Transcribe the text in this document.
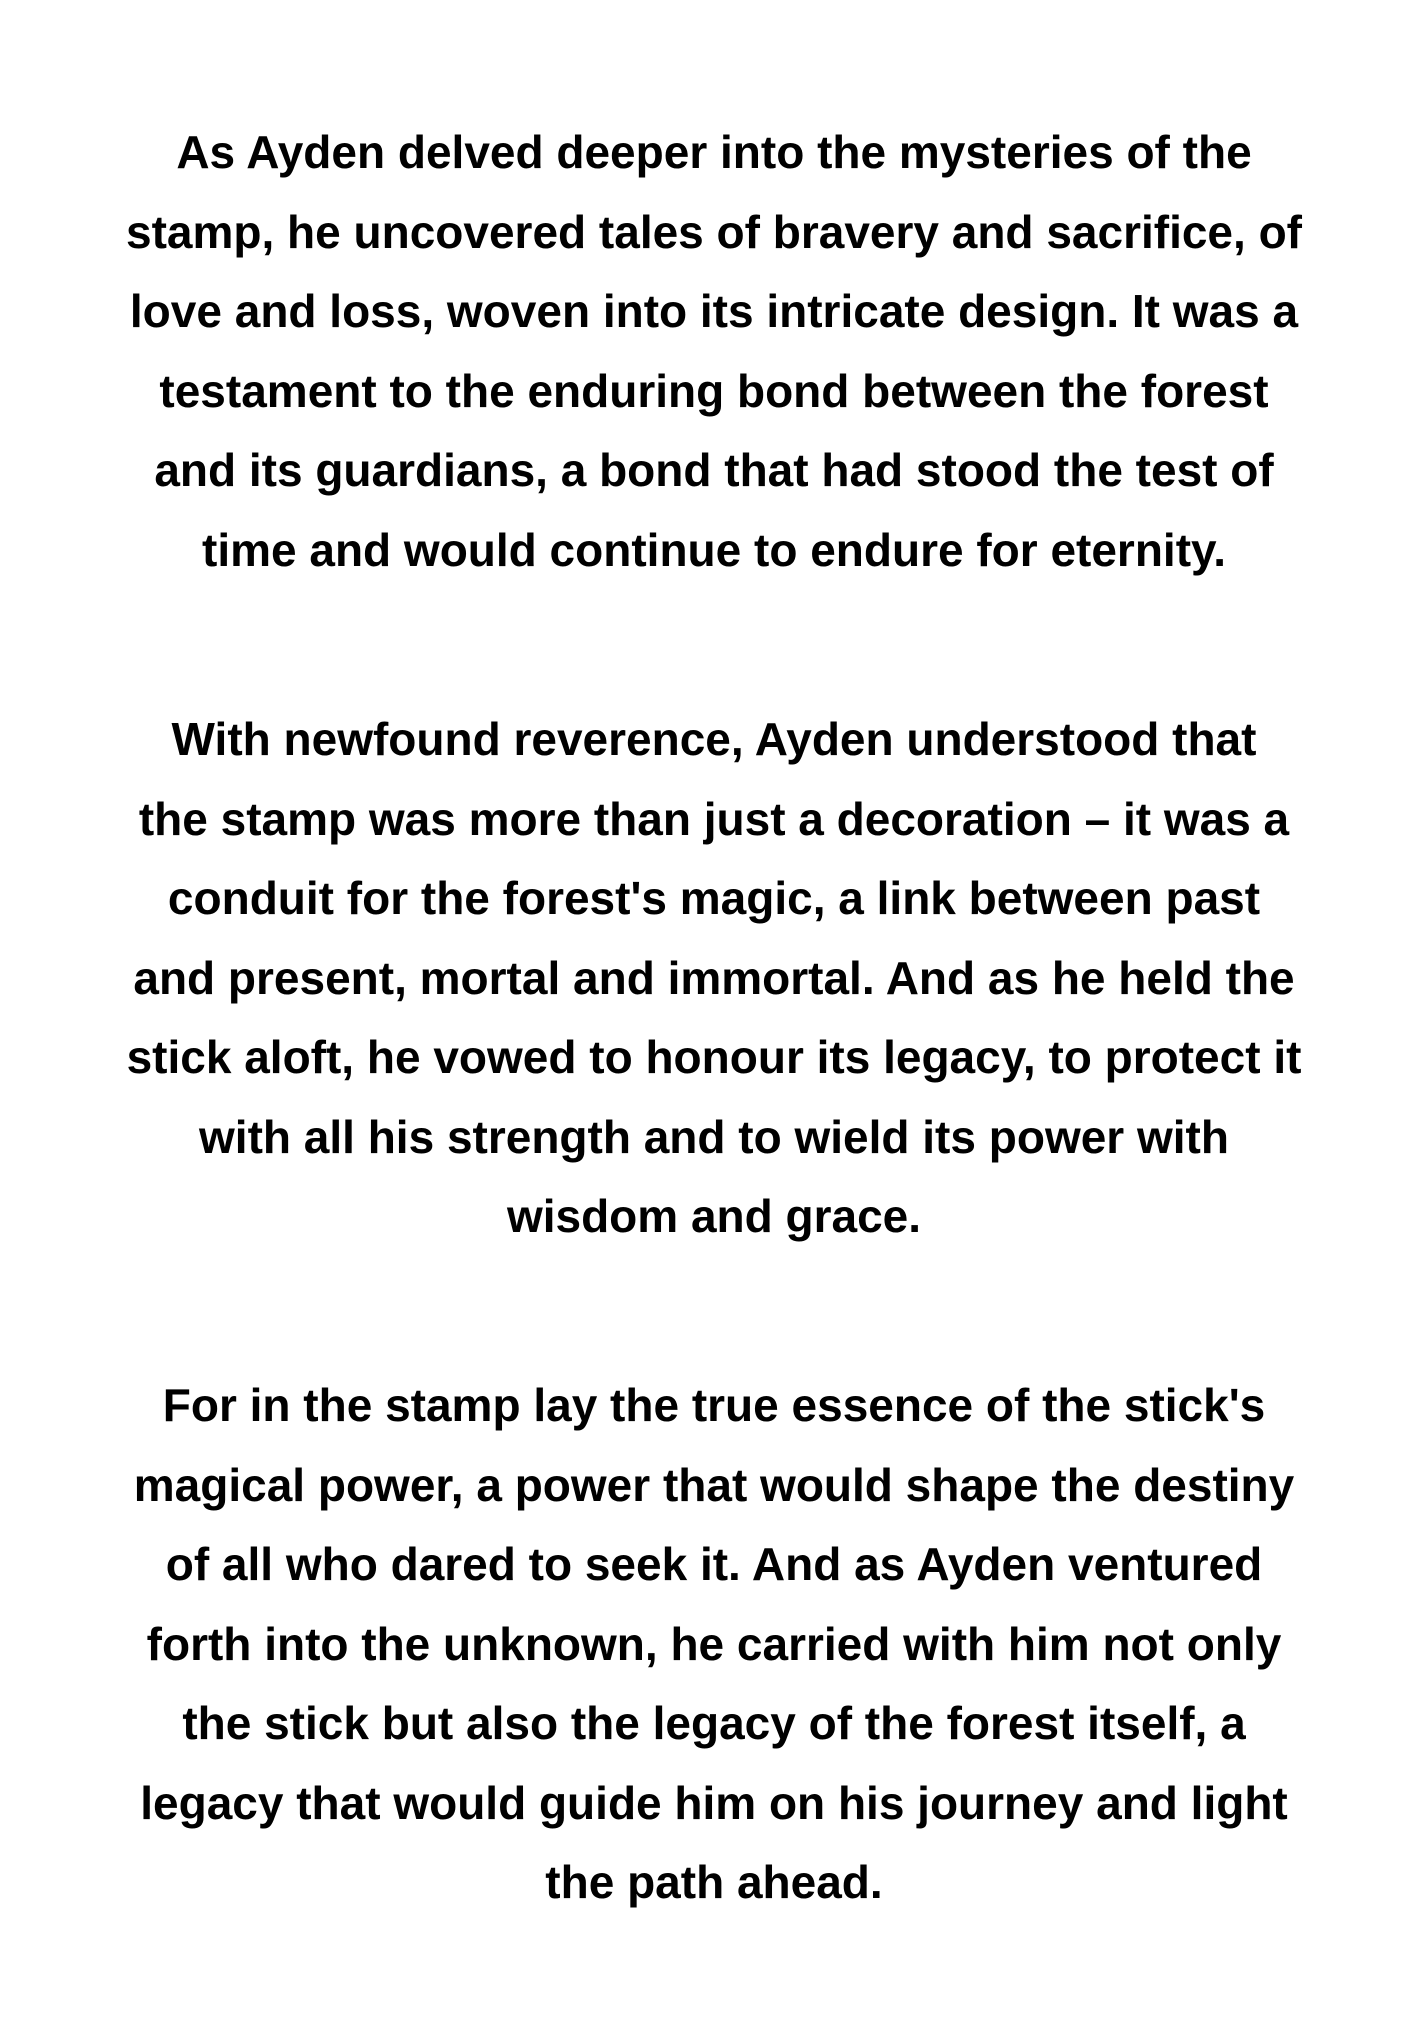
As Ayden delved deeper into the mysteries of the
stamp, he uncovered tales of bravery and sacrifice, of
love and loss, woven into its intricate design. It was a
testament to the enduring bond between the forest
and its guardians, a bond that had stood the test of
time and would continue to endure for eternity.

With newfound reverence, Ayden understood that
the stamp was more than just a decoration – it was a
conduit for the forest's magic, a link between past
and present, mortal and immortal. And as he held the
stick aloft, he vowed to honour its legacy, to protect it
with all his strength and to wield its power with
wisdom and grace.

For in the stamp lay the true essence of the stick's
magical power, a power that would shape the destiny
of all who dared to seek it. And as Ayden ventured
forth into the unknown, he carried with him not only
the stick but also the legacy of the forest itself, a
legacy that would guide him on his journey and light
the path ahead.
